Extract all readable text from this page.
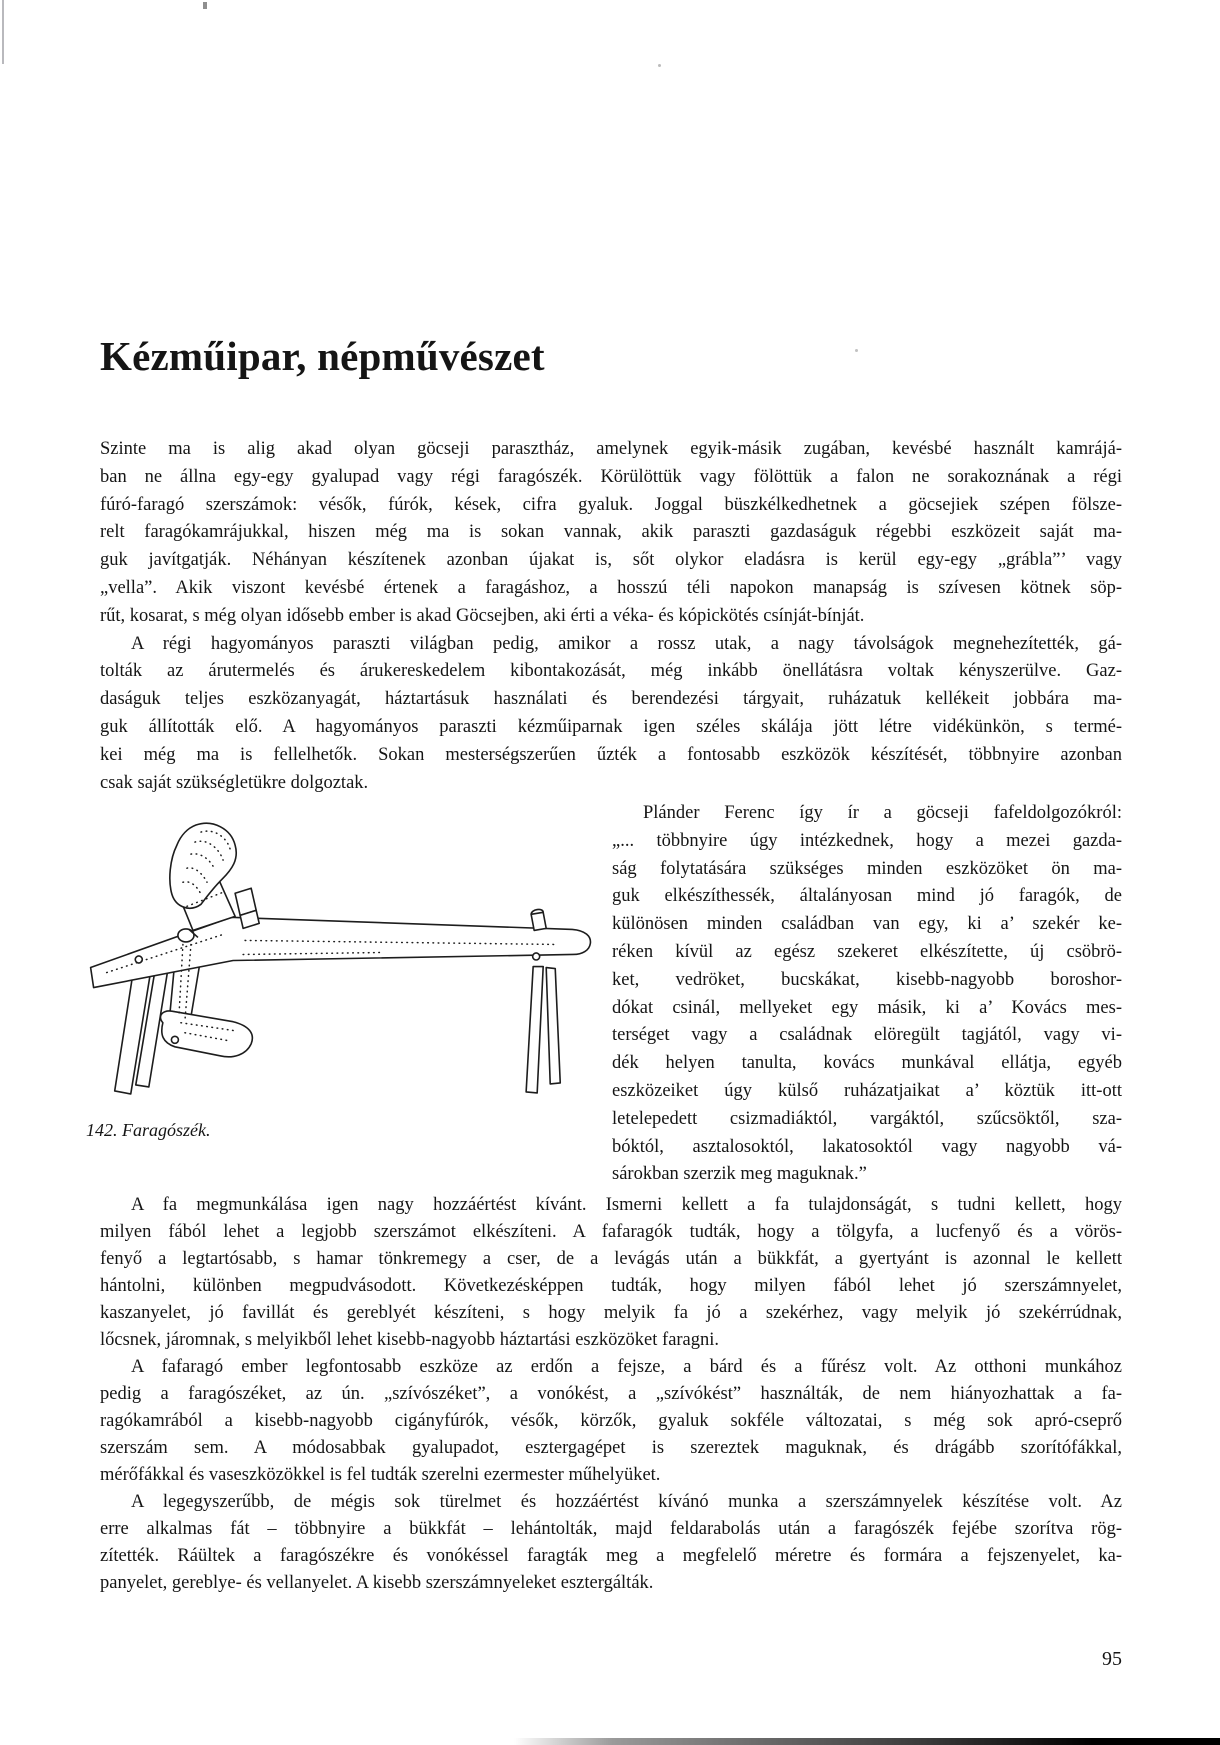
Kézműipar, népművészet
Szinte ma is alig akad olyan göcseji parasztház, amelynek egyik-másik zugában, kevésbé használt kamrájá-
ban ne állna egy-egy gyalupad vagy régi faragószék. Körülöttük vagy fölöttük a falon ne sorakoznának a régi
fúró-faragó szerszámok: vésők, fúrók, kések, cifra gyaluk. Joggal büszkélkedhetnek a göcsejiek szépen fölsze-
relt faragókamrájukkal, hiszen még ma is sokan vannak, akik paraszti gazdaságuk régebbi eszközeit saját ma-
guk javítgatják. Néhányan készítenek azonban újakat is, sőt olykor eladásra is kerül egy-egy „grábla”’ vagy
„vella”. Akik viszont kevésbé értenek a faragáshoz, a hosszú téli napokon manapság is szívesen kötnek söp-
rűt, kosarat, s még olyan idősebb ember is akad Göcsejben, aki érti a véka- és kópickötés csínját-bínját.
A régi hagyományos paraszti világban pedig, amikor a rossz utak, a nagy távolságok megnehezítették, gá-
tolták az árutermelés és árukereskedelem kibontakozását, még inkább önellátásra voltak kényszerülve. Gaz-
daságuk teljes eszközanyagát, háztartásuk használati és berendezési tárgyait, ruházatuk kellékeit jobbára ma-
guk állították elő. A hagyományos paraszti kézműiparnak igen széles skálája jött létre vidékünkön, s termé-
kei még ma is fellelhetők. Sokan mesterségszerűen űzték a fontosabb eszközök készítését, többnyire azonban
csak saját szükségletükre dolgoztak.
142. Faragószék.
Plánder Ferenc így ír a göcseji fafeldolgozókról:
„... többnyire úgy intézkednek, hogy a mezei gazda-
ság folytatására szükséges minden eszközöket ön ma-
guk elkészíthessék, általányosan mind jó faragók, de
különösen minden családban van egy, ki a’ szekér ke-
réken kívül az egész szekeret elkészítette, új csöbrö-
ket, vedröket, bucskákat, kisebb-nagyobb boroshor-
dókat csinál, mellyeket egy másik, ki a’ Kovács mes-
terséget vagy a családnak elöregült tagjától, vagy vi-
dék helyen tanulta, kovács munkával ellátja, egyéb
eszközeiket úgy külső ruházatjaikat a’ köztük itt-ott
letelepedett csizmadiáktól, vargáktól, szűcsöktől, sza-
bóktól, asztalosoktól, lakatosoktól vagy nagyobb vá-
sárokban szerzik meg maguknak.”
A fa megmunkálása igen nagy hozzáértést kívánt. Ismerni kellett a fa tulajdonságát, s tudni kellett, hogy
milyen fából lehet a legjobb szerszámot elkészíteni. A fafaragók tudták, hogy a tölgyfa, a lucfenyő és a vörös-
fenyő a legtartósabb, s hamar tönkremegy a cser, de a levágás után a bükkfát, a gyertyánt is azonnal le kellett
hántolni, különben megpudvásodott. Következésképpen tudták, hogy milyen fából lehet jó szerszámnyelet,
kaszanyelet, jó favillát és gereblyét készíteni, s hogy melyik fa jó a szekérhez, vagy melyik jó szekérrúdnak,
lőcsnek, járomnak, s melyikből lehet kisebb-nagyobb háztartási eszközöket faragni.
A fafaragó ember legfontosabb eszköze az erdőn a fejsze, a bárd és a fűrész volt. Az otthoni munkához
pedig a faragószéket, az ún. „szívószéket”, a vonókést, a „szívókést” használták, de nem hiányozhattak a fa-
ragókamrából a kisebb-nagyobb cigányfúrók, vésők, körzők, gyaluk sokféle változatai, s még sok apró-cseprő
szerszám sem. A módosabbak gyalupadot, esztergagépet is szereztek maguknak, és drágább szorítófákkal,
mérőfákkal és vaseszközökkel is fel tudták szerelni ezermester műhelyüket.
A legegyszerűbb, de mégis sok türelmet és hozzáértést kívánó munka a szerszámnyelek készítése volt. Az
erre alkalmas fát – többnyire a bükkfát – lehántolták, majd feldarabolás után a faragószék fejébe szorítva rög-
zítették. Ráültek a faragószékre és vonókéssel faragták meg a megfelelő méretre és formára a fejszenyelet, ka-
panyelet, gereblye- és vellanyelet. A kisebb szerszámnyeleket esztergálták.
95
